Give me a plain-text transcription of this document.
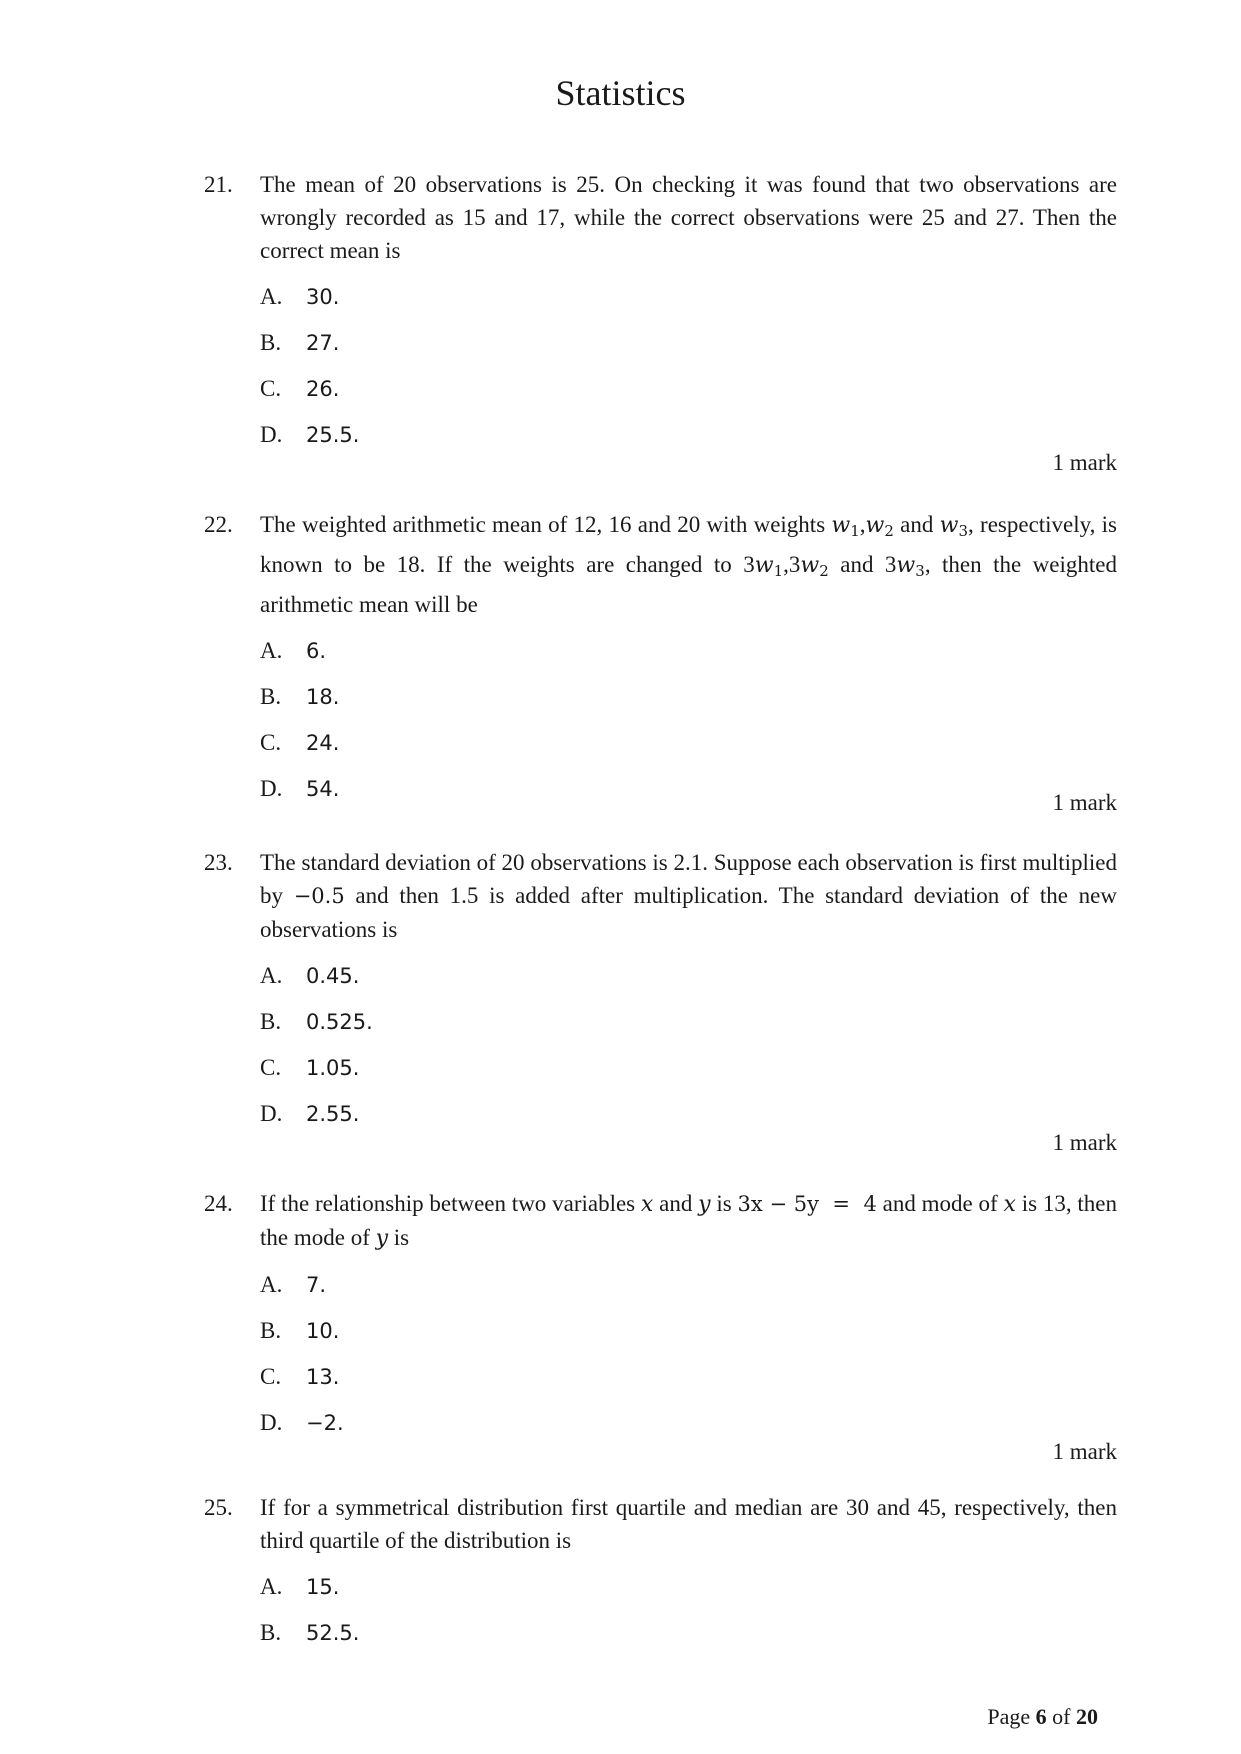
Statistics
21. The mean of 20 observations is 25. On checking it was found that two observations are wrongly recorded as 15 and 17, while the correct observations were 25 and 27. Then the correct mean is
A. 30.
B. 27.
C. 26.
D. 25.5.
1 mark
22. The weighted arithmetic mean of 12, 16 and 20 with weights $w_1,w_2$ and $w_3$, respectively, is known to be 18. If the weights are changed to $3w_1,3w_2$ and $3w_3$, then the weighted arithmetic mean will be
A. 6.
B. 18.
C. 24.
D. 54.
1 mark
23. The standard deviation of 20 observations is 2.1. Suppose each observation is first multiplied by −0.5 and then 1.5 is added after multiplication. The standard deviation of the new observations is
A. 0.45.
B. 0.525.
C. 1.05.
D. 2.55.
1 mark
24. If the relationship between two variables x and y is 3x − 5y  =  4 and mode of x is 13, then the mode of y is
A. 7.
B. 10.
C. 13.
D. −2.
1 mark
25. If for a symmetrical distribution first quartile and median are 30 and 45, respectively, then third quartile of the distribution is
A. 15.
B. 52.5.
Page 6 of 20
